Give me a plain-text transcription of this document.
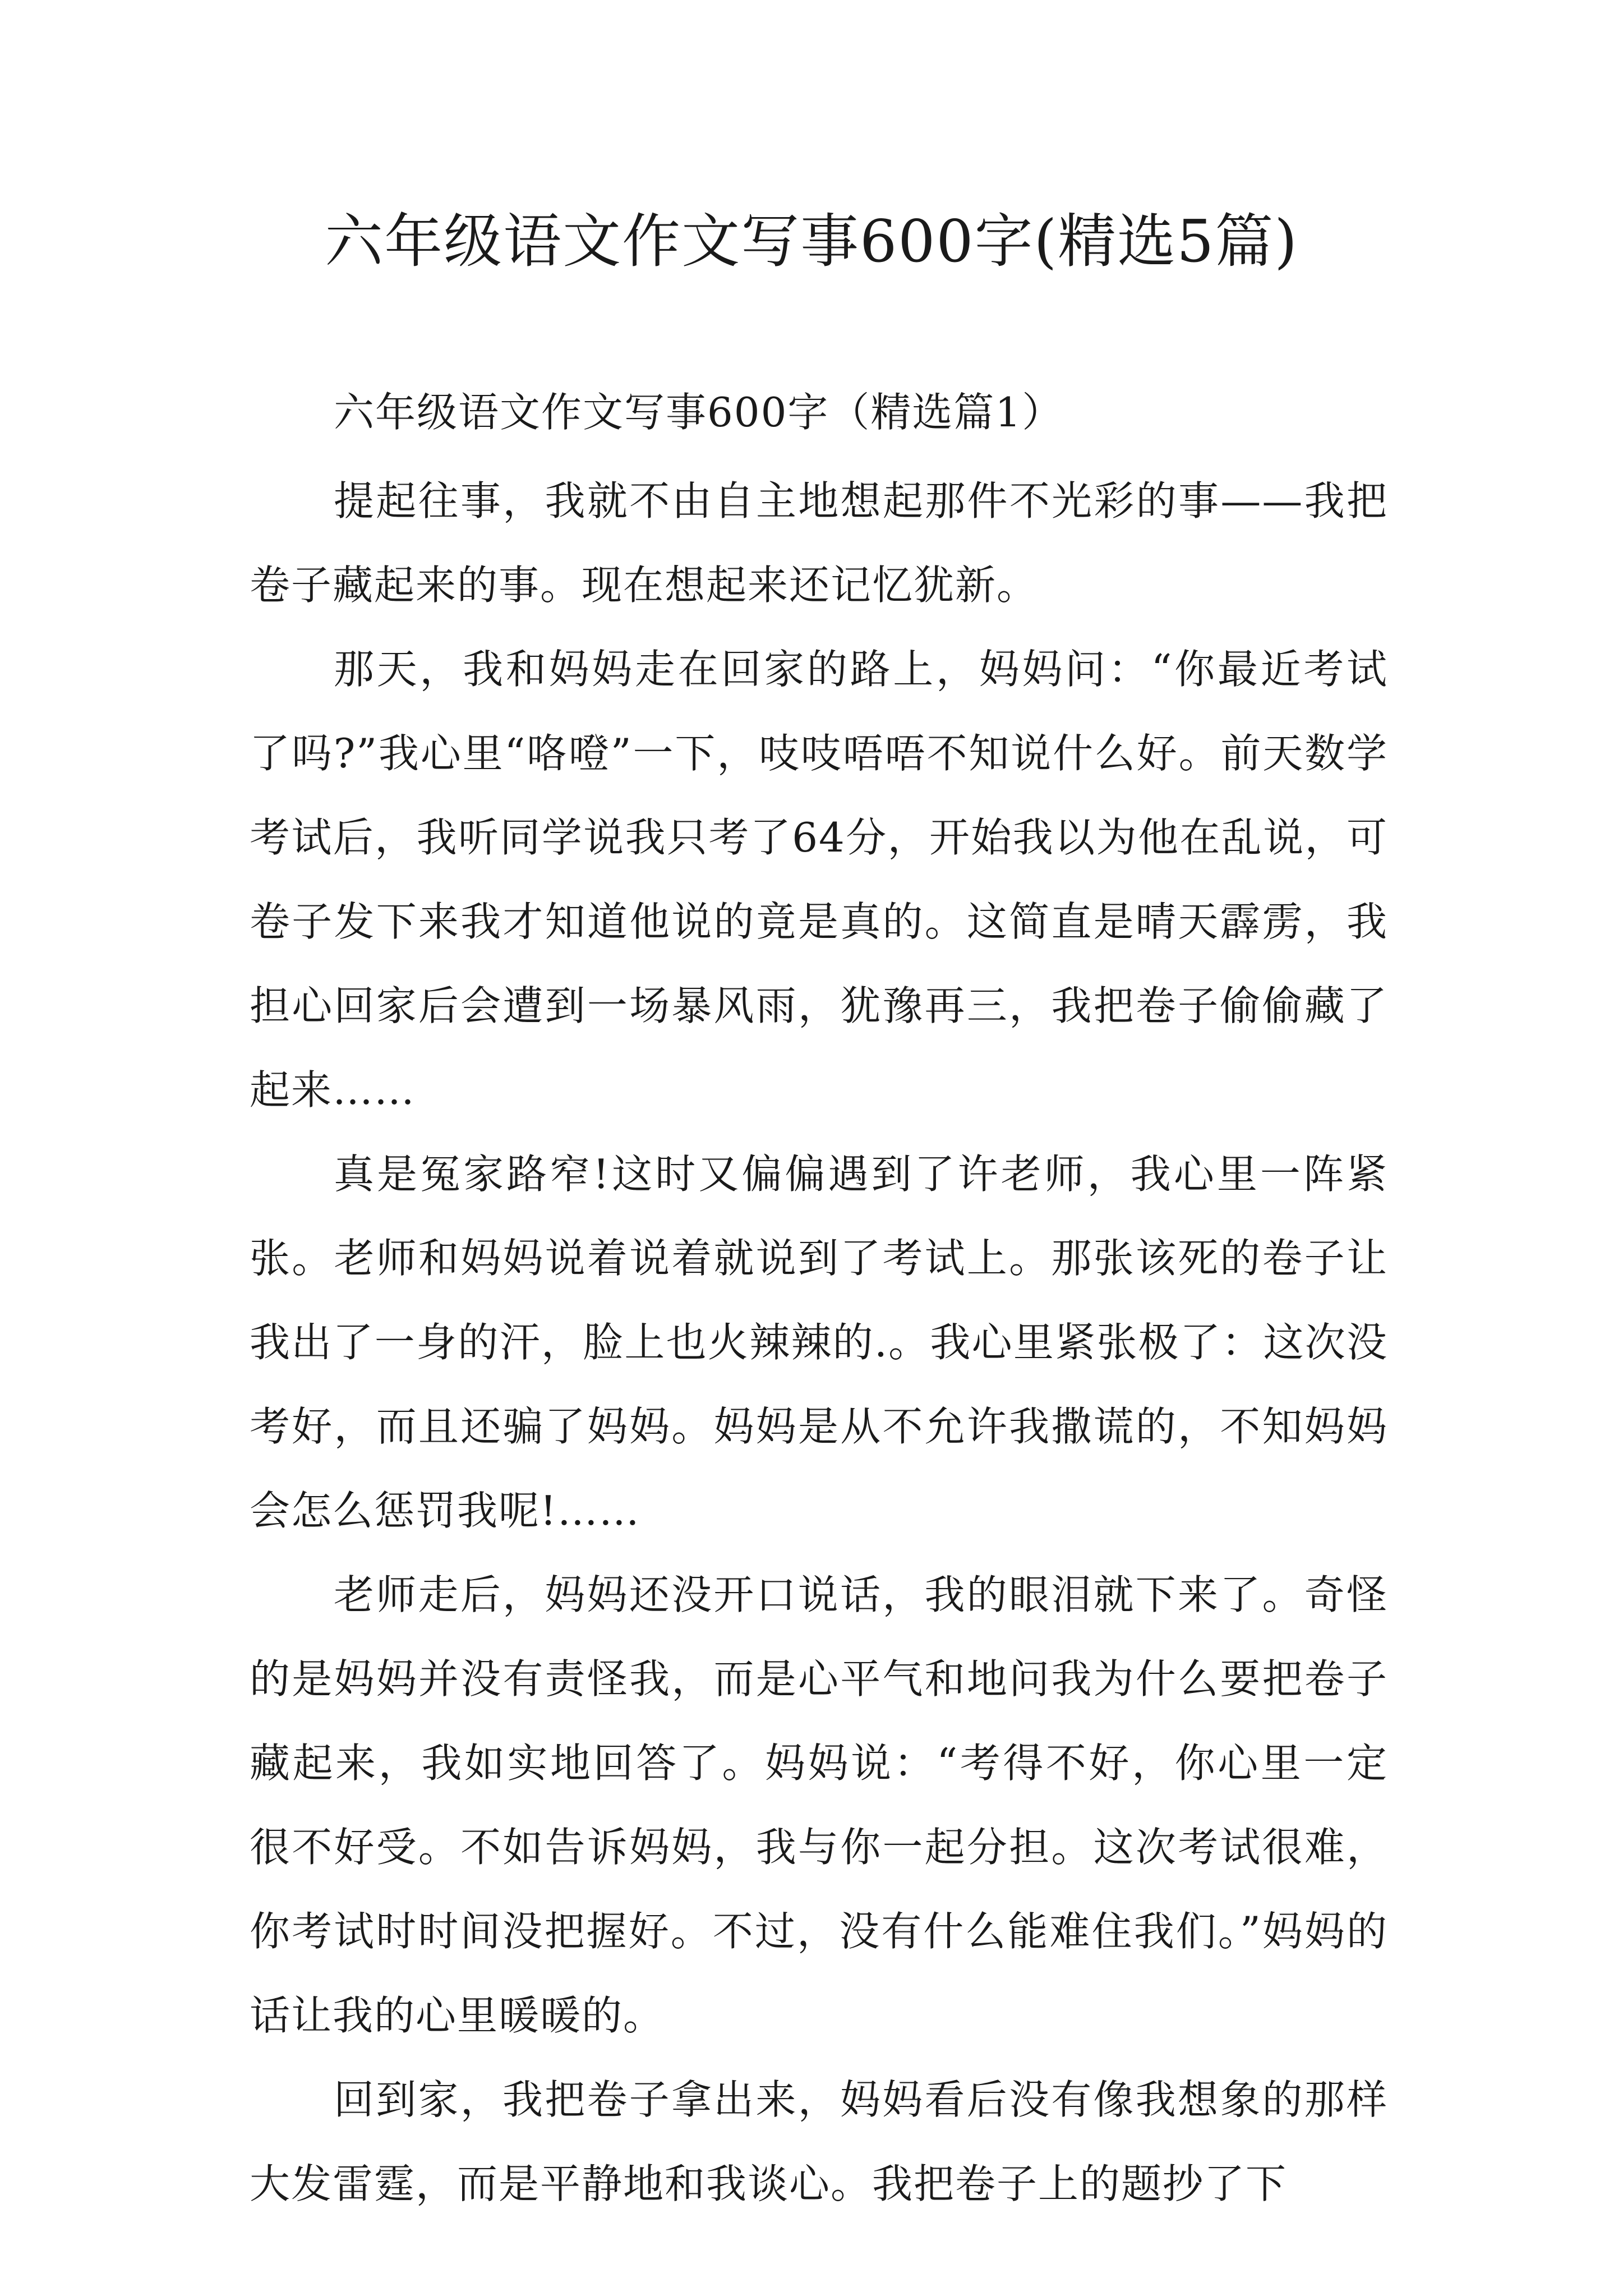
六年级语文作文写事600字(精选5篇)

六年级语文作文写事600字（精选篇1）

提起往事，我就不由自主地想起那件不光彩的事——我把卷子藏起来的事。现在想起来还记忆犹新。

那天，我和妈妈走在回家的路上，妈妈问：“你最近考试了吗?”我心里“咯噔”一下，吱吱唔唔不知说什么好。前天数学考试后，我听同学说我只考了64分，开始我以为他在乱说，可卷子发下来我才知道他说的竟是真的。这简直是晴天霹雳，我担心回家后会遭到一场暴风雨，犹豫再三，我把卷子偷偷藏了起来……

真是冤家路窄!这时又偏偏遇到了许老师，我心里一阵紧张。老师和妈妈说着说着就说到了考试上。那张该死的卷子让我出了一身的汗，脸上也火辣辣的.。我心里紧张极了：这次没考好，而且还骗了妈妈。妈妈是从不允许我撒谎的，不知妈妈会怎么惩罚我呢!……

老师走后，妈妈还没开口说话，我的眼泪就下来了。奇怪的是妈妈并没有责怪我，而是心平气和地问我为什么要把卷子藏起来，我如实地回答了。妈妈说：“考得不好，你心里一定很不好受。不如告诉妈妈，我与你一起分担。这次考试很难，你考试时时间没把握好。不过，没有什么能难住我们。”妈妈的话让我的心里暖暖的。

回到家，我把卷子拿出来，妈妈看后没有像我想象的那样大发雷霆，而是平静地和我谈心。我把卷子上的题抄了下
